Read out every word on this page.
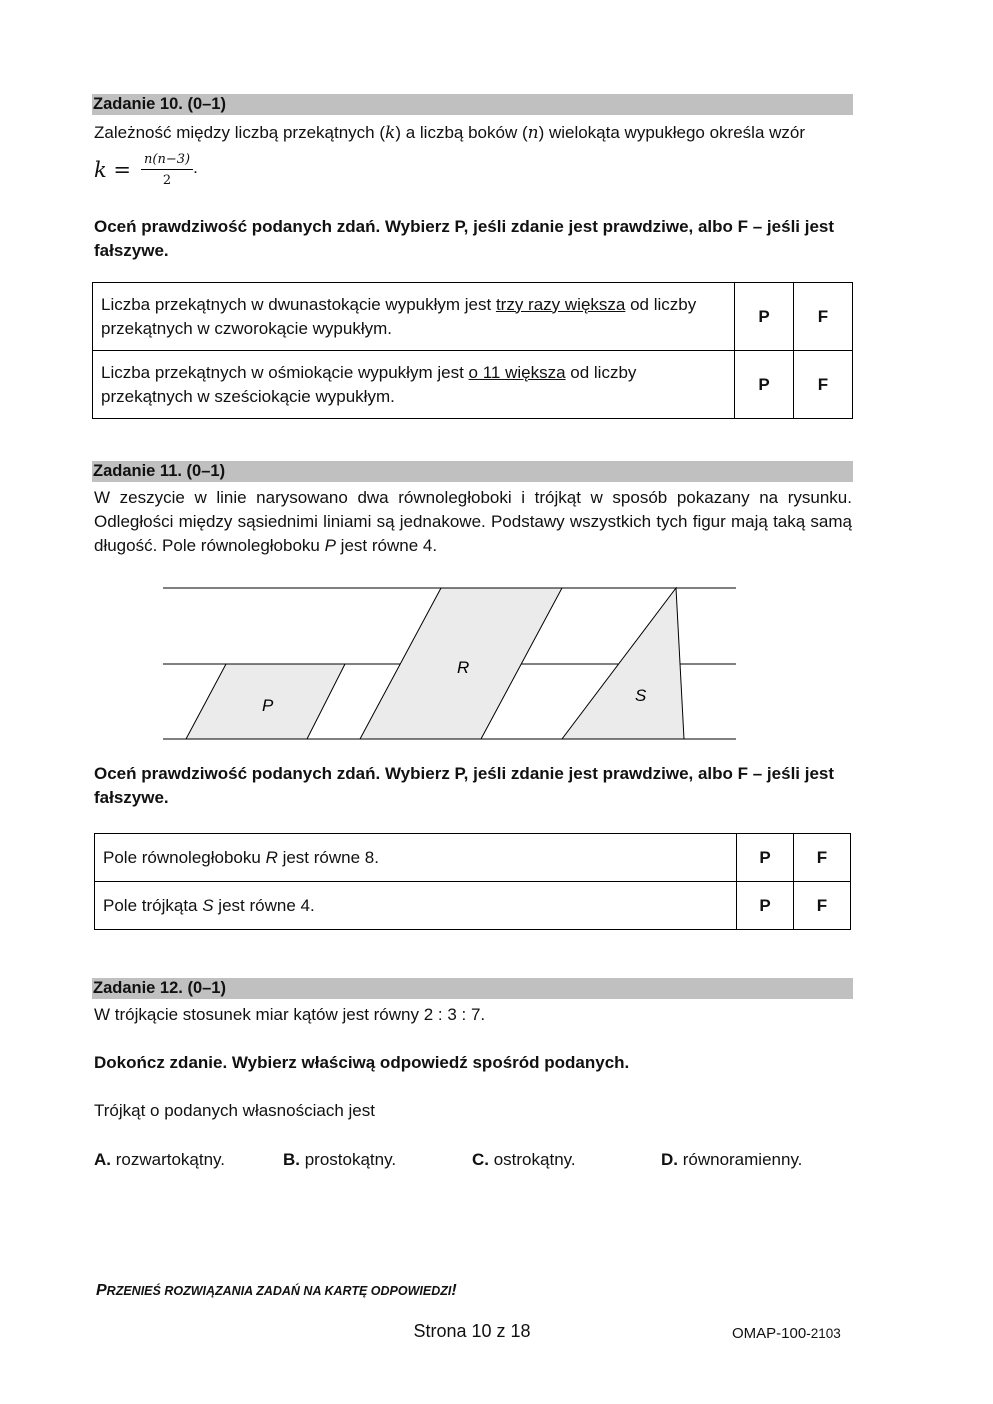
Zadanie 10. (0–1)
Zależność między liczbą przekątnych (k) a liczbą boków (n) wielokąta wypukłego określa wzór
$k = \frac{n(n-3)}{2}$ .
Oceń prawdziwość podanych zdań. Wybierz P, jeśli zdanie jest prawdziwe, albo F – jeśli jest fałszywe.
Liczba przekątnych w dwunastokącie wypukłym jest trzy razy większa od liczby przekątnych w czworokącie wypukłym.	P	F
Liczba przekątnych w ośmiokącie wypukłym jest o 11 większa od liczby przekątnych w sześciokącie wypukłym.	P	F
Zadanie 11. (0–1)
W zeszycie w linie narysowano dwa równoległoboki i trójkąt w sposób pokazany na rysunku. Odległości między sąsiednimi liniami są jednakowe. Podstawy wszystkich tych figur mają taką samą długość. Pole równoległoboku P jest równe 4.
P
R
S
Oceń prawdziwość podanych zdań. Wybierz P, jeśli zdanie jest prawdziwe, albo F – jeśli jest fałszywe.
Pole równoległoboku R jest równe 8.	P	F
Pole trójkąta S jest równe 4.	P	F
Zadanie 12. (0–1)
W trójkącie stosunek miar kątów jest równy 2 : 3 : 7.
Dokończ zdanie. Wybierz właściwą odpowiedź spośród podanych.
Trójkąt o podanych własnościach jest
A. rozwartokątny.	B. prostokątny.	C. ostrokątny.	D. równoramienny.
PRZENIEŚ ROZWIĄZANIA ZADAŃ NA KARTĘ ODPOWIEDZI!
Strona 10 z 18	OMAP-100-2103
